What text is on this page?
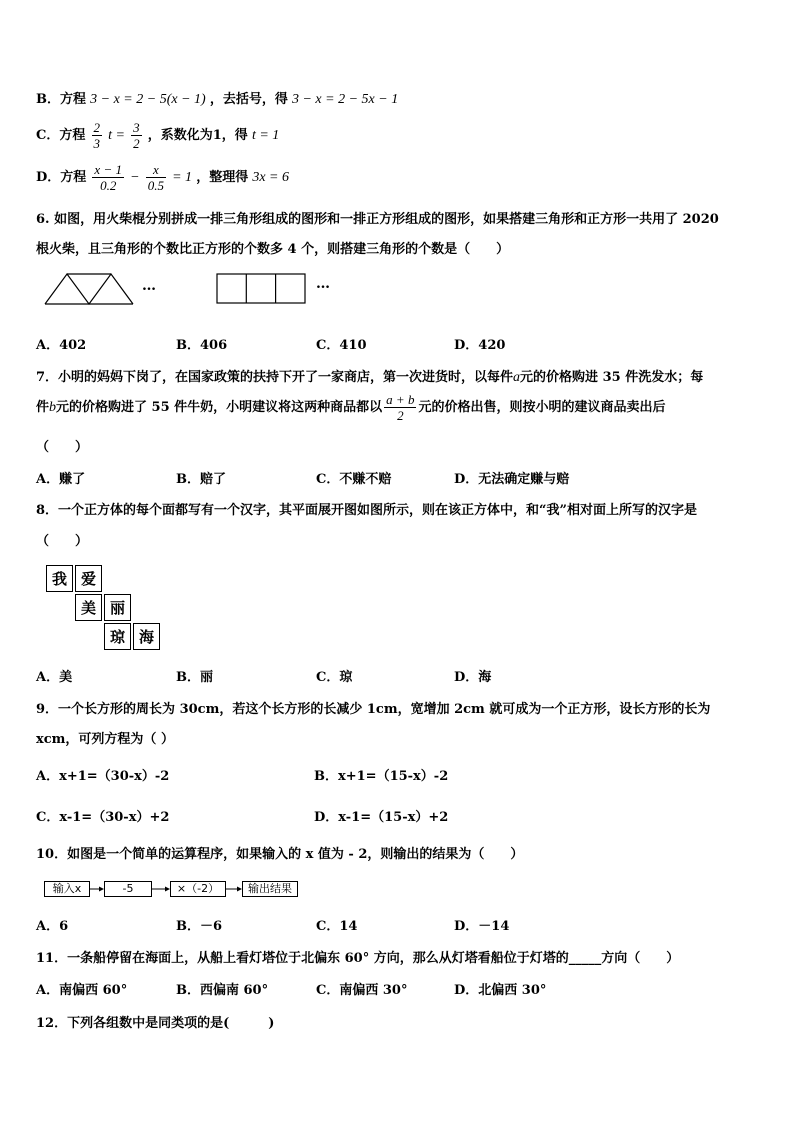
B．方程 3 − x = 2 − 5(x − 1) ，去括号，得 3 − x = 2 − 5x − 1
C．方程 $\frac{2}{3}$ $t = \frac{3}{2}$ ，系数化为1，得 t = 1
D．方程 $\frac{x - 1}{0.2} - \frac{x}{0.5} = 1$ ，整理得 3x = 6
6. 如图，用火柴棍分别拼成一排三角形组成的图形和一排正方形组成的图形，如果搭建三角形和正方形一共用了 2020
根火柴，且三角形的个数比正方形的个数多 4 个，则搭建三角形的个数是（　　）
…	…
A．402	B．406	C．410	D．420
7．小明的妈妈下岗了，在国家政策的扶持下开了一家商店，第一次进货时，以每件a元的价格购进 35 件洗发水；每
件b元的价格购进了 55 件牛奶，小明建议将这两种商品都以 $\frac{a + b}{2}$ 元的价格出售，则按小明的建议商品卖出后
（　　）
A．赚了	B．赔了	C．不赚不赔	D．无法确定赚与赔
8．一个正方体的每个面都写有一个汉字，其平面展开图如图所示，则在该正方体中，和“我”相对面上所写的汉字是
（　　）
我 爱
美 丽
琼 海
A．美	B．丽	C．琼	D．海
9．一个长方形的周长为 30cm，若这个长方形的长减少 1cm，宽增加 2cm 就可成为一个正方形，设长方形的长为
xcm，可列方程为（ ）
A．x+1=（30-x）-2	B．x+1=（15-x）-2
C．x-1=（30-x）+2	D．x-1=（15-x）+2
10．如图是一个简单的运算程序，如果输入的 x 值为 - 2，则输出的结果为（　　）
输入x	-5	×（-2）	输出结果
A．6	B．－6	C．14	D．－14
11．一条船停留在海面上，从船上看灯塔位于北偏东 60° 方向，那么从灯塔看船位于灯塔的_____方向（　　）
A．南偏西 60°	B．西偏南 60°	C．南偏西 30°	D．北偏西 30°
12．下列各组数中是同类项的是(　　　)
